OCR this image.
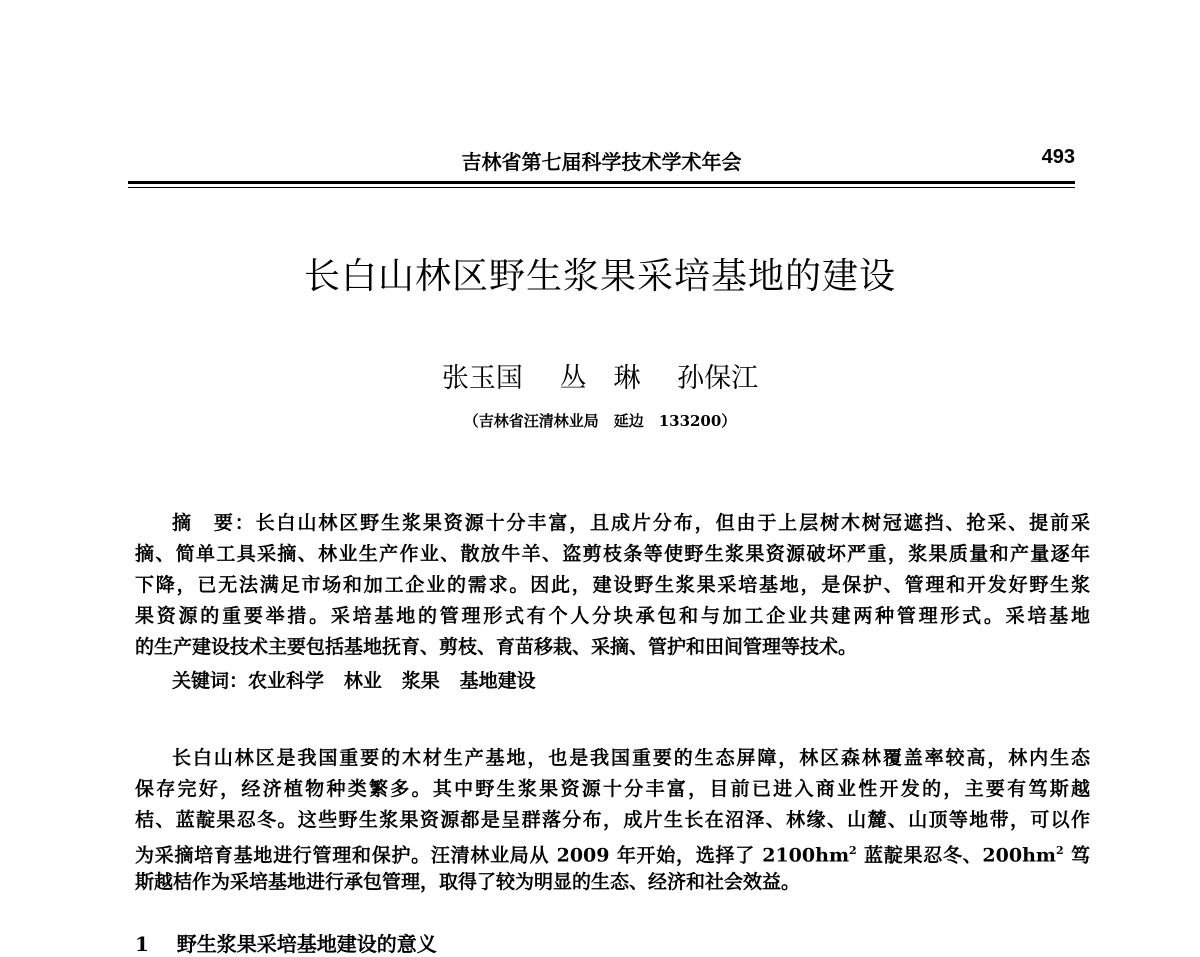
吉林省第七届科学技术学术年会	493
长白山林区野生浆果采培基地的建设
张玉国 丛　琳 孙保江
（吉林省汪清林业局　延边　133200）
摘　要：长白山林区野生浆果资源十分丰富，且成片分布，但由于上层树木树冠遮挡、抢采、提前采
摘、简单工具采摘、林业生产作业、散放牛羊、盗剪枝条等使野生浆果资源破坏严重，浆果质量和产量逐年
下降，已无法满足市场和加工企业的需求。因此，建设野生浆果采培基地，是保护、管理和开发好野生浆
果资源的重要举措。采培基地的管理形式有个人分块承包和与加工企业共建两种管理形式。采培基地
的生产建设技术主要包括基地抚育、剪枝、育苗移栽、采摘、管护和田间管理等技术。
关键词：农业科学 林业 浆果 基地建设
长白山林区是我国重要的木材生产基地，也是我国重要的生态屏障，林区森林覆盖率较高，林内生态
保存完好，经济植物种类繁多。其中野生浆果资源十分丰富，目前已进入商业性开发的，主要有笃斯越
桔、蓝靛果忍冬。这些野生浆果资源都是呈群落分布，成片生长在沼泽、林缘、山麓、山顶等地带，可以作
为采摘培育基地进行管理和保护。汪清林业局从 2009 年开始，选择了 $2100hm^2$ 蓝靛果忍冬、$200hm^2$ 笃
斯越桔作为采培基地进行承包管理，取得了较为明显的生态、经济和社会效益。
1 野生浆果采培基地建设的意义
